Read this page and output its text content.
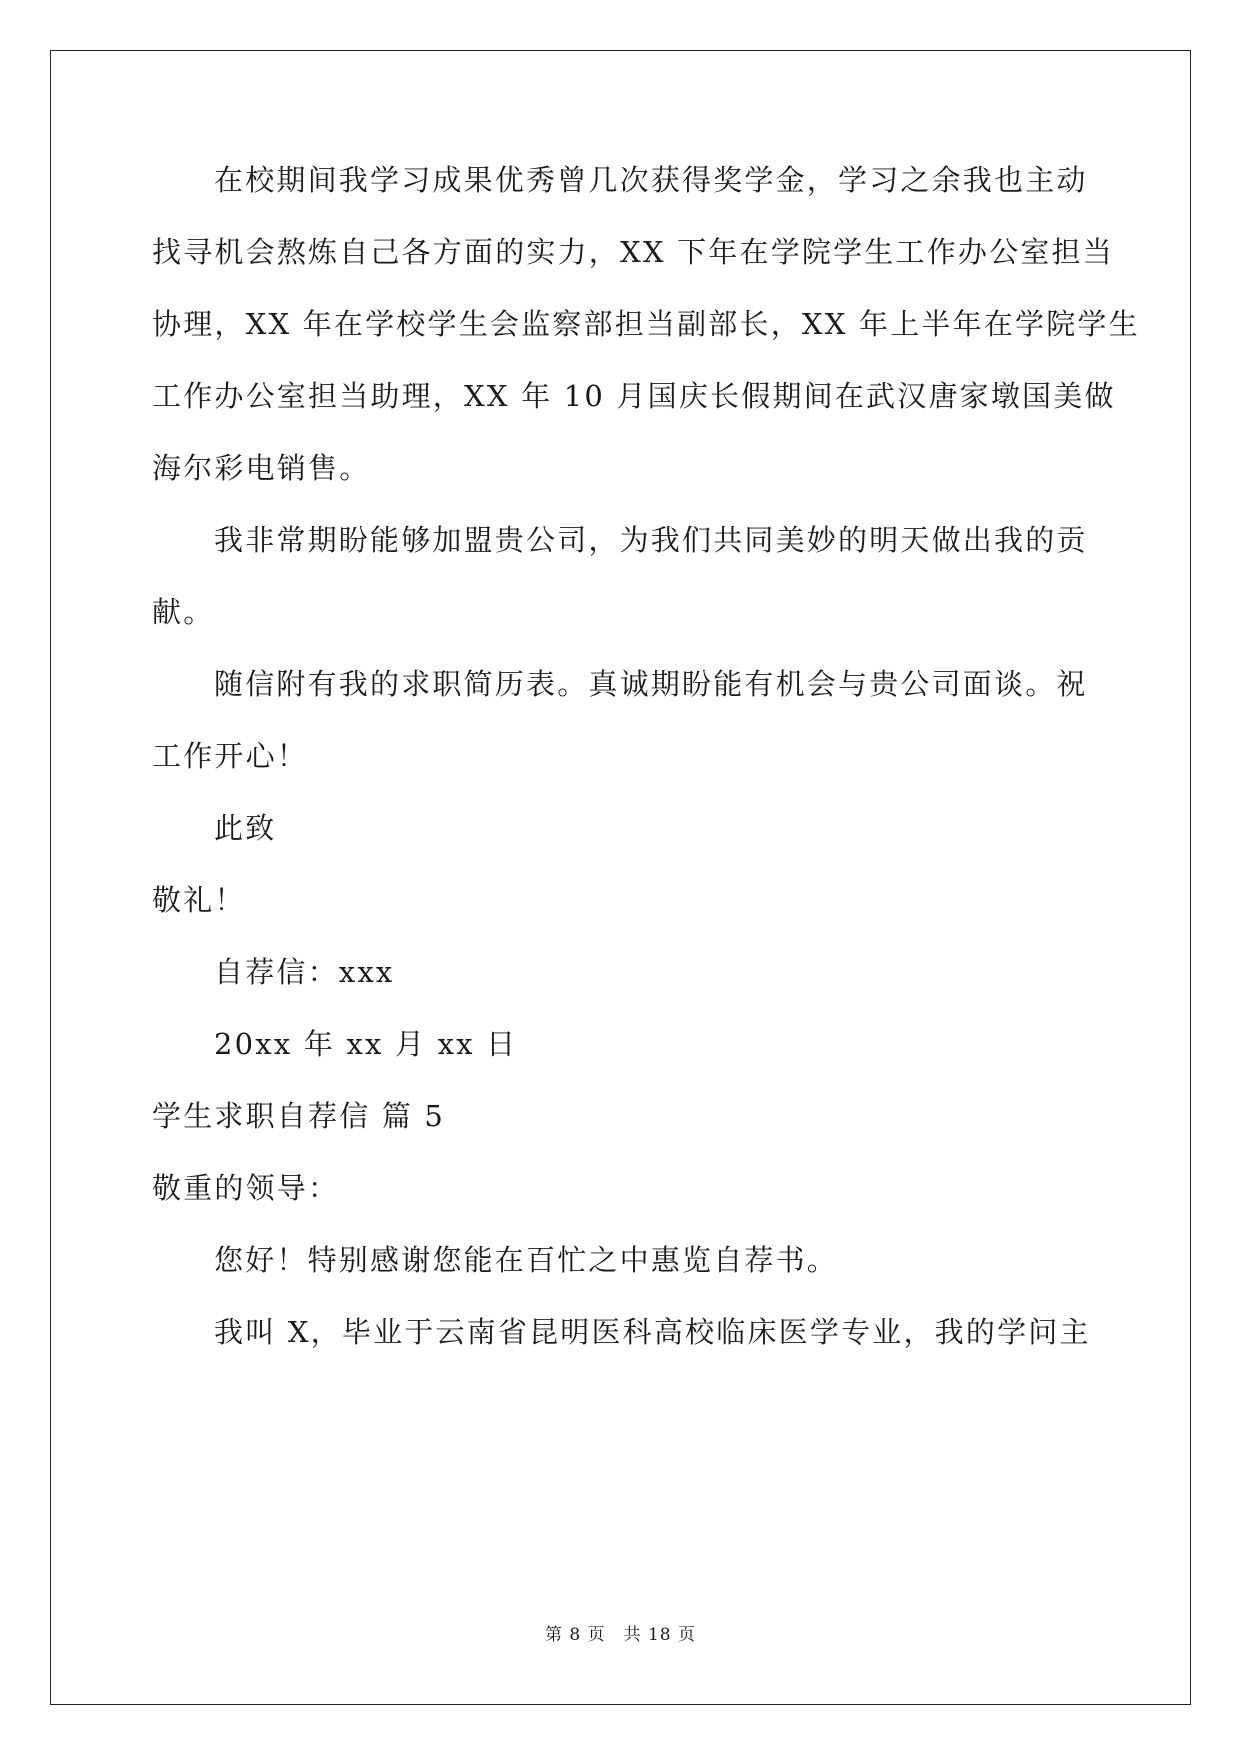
在校期间我学习成果优秀曾几次获得奖学金，学习之余我也主动
找寻机会熬炼自己各方面的实力，XX 下年在学院学生工作办公室担当
协理，XX 年在学校学生会监察部担当副部长，XX 年上半年在学院学生
工作办公室担当助理，XX 年 10 月国庆长假期间在武汉唐家墩国美做
海尔彩电销售。
我非常期盼能够加盟贵公司，为我们共同美妙的明天做出我的贡
献。
随信附有我的求职简历表。真诚期盼能有机会与贵公司面谈。祝
工作开心！
此致
敬礼！
自荐信：xxx
20xx 年 xx 月 xx 日
学生求职自荐信 篇 5
敬重的领导：
您好！特别感谢您能在百忙之中惠览自荐书。
我叫 X，毕业于云南省昆明医科高校临床医学专业，我的学问主
第 8 页 共 18 页
